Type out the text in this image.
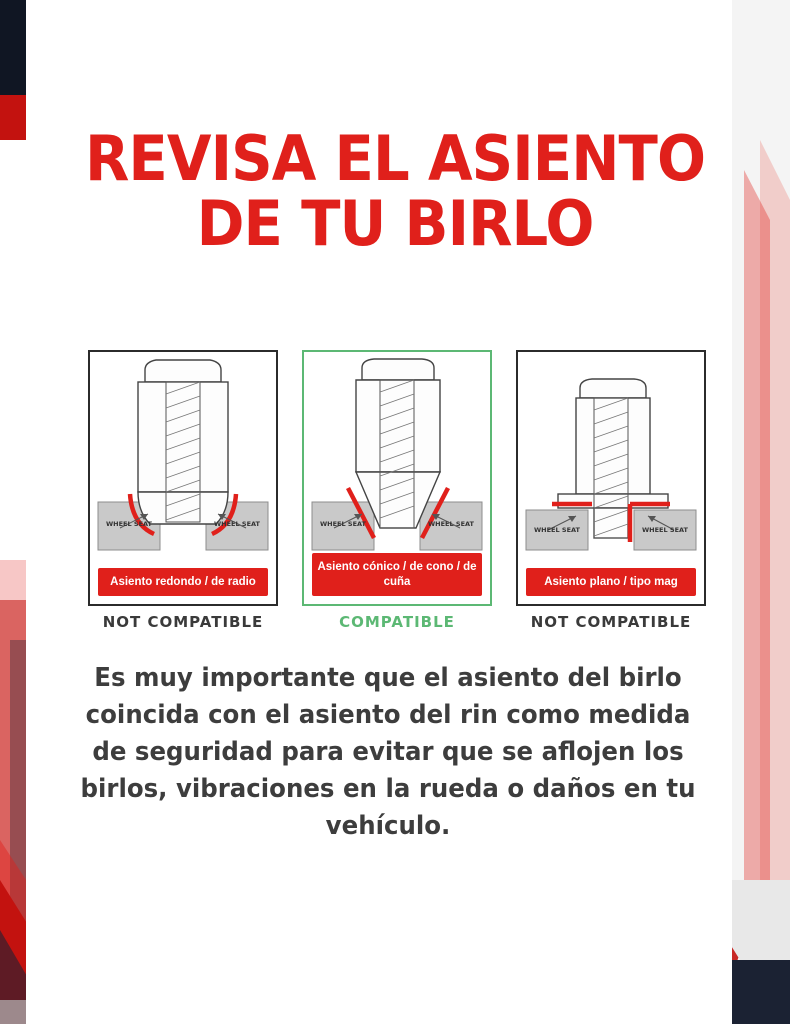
REVISA EL ASIENTO DE TU BIRLO
WHEEL SEAT	WHEEL SEAT
Asiento redondo / de radio
NOT COMPATIBLE
WHEEL SEAT	WHEEL SEAT
Asiento cónico / de cono / de cuña
COMPATIBLE
WHEEL SEAT	WHEEL SEAT
Asiento plano / tipo mag
NOT COMPATIBLE
Es muy importante que el asiento del birlo coincida con el asiento del rin como medida de seguridad para evitar que se aflojen los birlos, vibraciones en la rueda o daños en tu vehículo.
